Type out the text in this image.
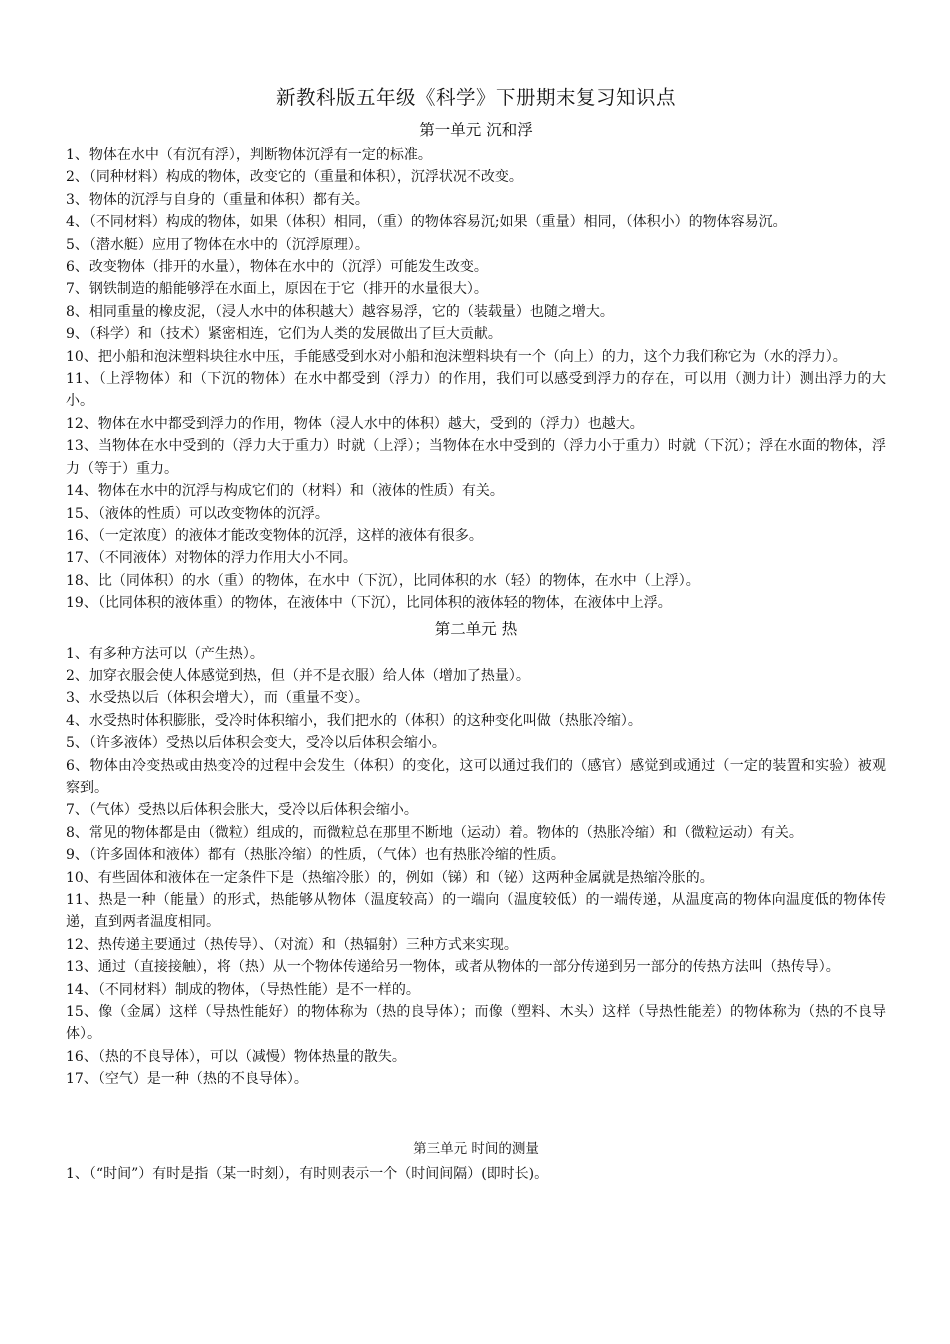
新教科版五年级《科学》下册期末复习知识点
第一单元 沉和浮

1、物体在水中（有沉有浮），判断物体沉浮有一定的标准。

2、（同种材料）构成的物体，改变它的（重量和体积），沉浮状况不改变。

3、物体的沉浮与自身的（重量和体积）都有关。

4、（不同材料）构成的物体，如果（体积）相同，（重）的物体容易沉;如果（重量）相同，（体积小）的物体容易沉。

5、（潜水艇）应用了物体在水中的（沉浮原理）。

6、改变物体（排开的水量），物体在水中的（沉浮）可能发生改变。

7、钢铁制造的船能够浮在水面上，原因在于它（排开的水量很大）。

8、相同重量的橡皮泥，（浸人水中的体积越大）越容易浮，它的（装载量）也随之增大。

9、（科学）和（技术）紧密相连，它们为人类的发展做出了巨大贡献。

10、把小船和泡沫塑料块往水中压，手能感受到水对小船和泡沫塑料块有一个（向上）的力，这个力我们称它为（水的浮力）。

11、（上浮物体）和（下沉的物体）在水中都受到（浮力）的作用，我们可以感受到浮力的存在，可以用（测力计）测出浮力的大小。

12、物体在水中都受到浮力的作用，物体（浸人水中的体积）越大，受到的（浮力）也越大。

13、当物体在水中受到的（浮力大于重力）时就（上浮）；当物体在水中受到的（浮力小于重力）时就（下沉）；浮在水面的物体，浮力（等于）重力。

14、物体在水中的沉浮与构成它们的（材料）和（液体的性质）有关。

15、（液体的性质）可以改变物体的沉浮。

16、（一定浓度）的液体才能改变物体的沉浮，这样的液体有很多。

17、（不同液体）对物体的浮力作用大小不同。

18、比（同体积）的水（重）的物体，在水中（下沉），比同体积的水（轻）的物体，在水中（上浮）。

19、（比同体积的液体重）的物体，在液体中（下沉），比同体积的液体轻的物体，在液体中上浮。

第二单元 热

1、有多种方法可以（产生热）。

2、加穿衣服会使人体感觉到热，但（并不是衣服）给人体（增加了热量）。

3、水受热以后（体积会增大），而（重量不变）。

4、水受热时体积膨胀，受冷时体积缩小，我们把水的（体积）的这种变化叫做（热胀冷缩）。

5、（许多液体）受热以后体积会变大，受冷以后体积会缩小。

6、物体由冷变热或由热变冷的过程中会发生（体积）的变化，这可以通过我们的（感官）感觉到或通过（一定的装置和实验）被观察到。

7、（气体）受热以后体积会胀大，受冷以后体积会缩小。

8、常见的物体都是由（微粒）组成的，而微粒总在那里不断地（运动）着。物体的（热胀冷缩）和（微粒运动）有关。

9、（许多固体和液体）都有（热胀冷缩）的性质，（气体）也有热胀冷缩的性质。

10、有些固体和液体在一定条件下是（热缩冷胀）的，例如（锑）和（铋）这两种金属就是热缩冷胀的。

11、热是一种（能量）的形式，热能够从物体（温度较高）的一端向（温度较低）的一端传递，从温度高的物体向温度低的物体传递，直到两者温度相同。

12、热传递主要通过（热传导）、（对流）和（热辐射）三种方式来实现。

13、通过（直接接触），将（热）从一个物体传递给另一物体，或者从物体的一部分传递到另一部分的传热方法叫（热传导）。

14、（不同材料）制成的物体，（导热性能）是不一样的。

15、像（金属）这样（导热性能好）的物体称为（热的良导体）；而像（塑料、木头）这样（导热性能差）的物体称为（热的不良导体）。

16、（热的不良导体），可以（减慢）物体热量的散失。

17、（空气）是一种（热的不良导体）。

第三单元 时间的测量

1、（“时间”）有时是指（某一时刻），有时则表示一个（时间间隔）(即时长)。
